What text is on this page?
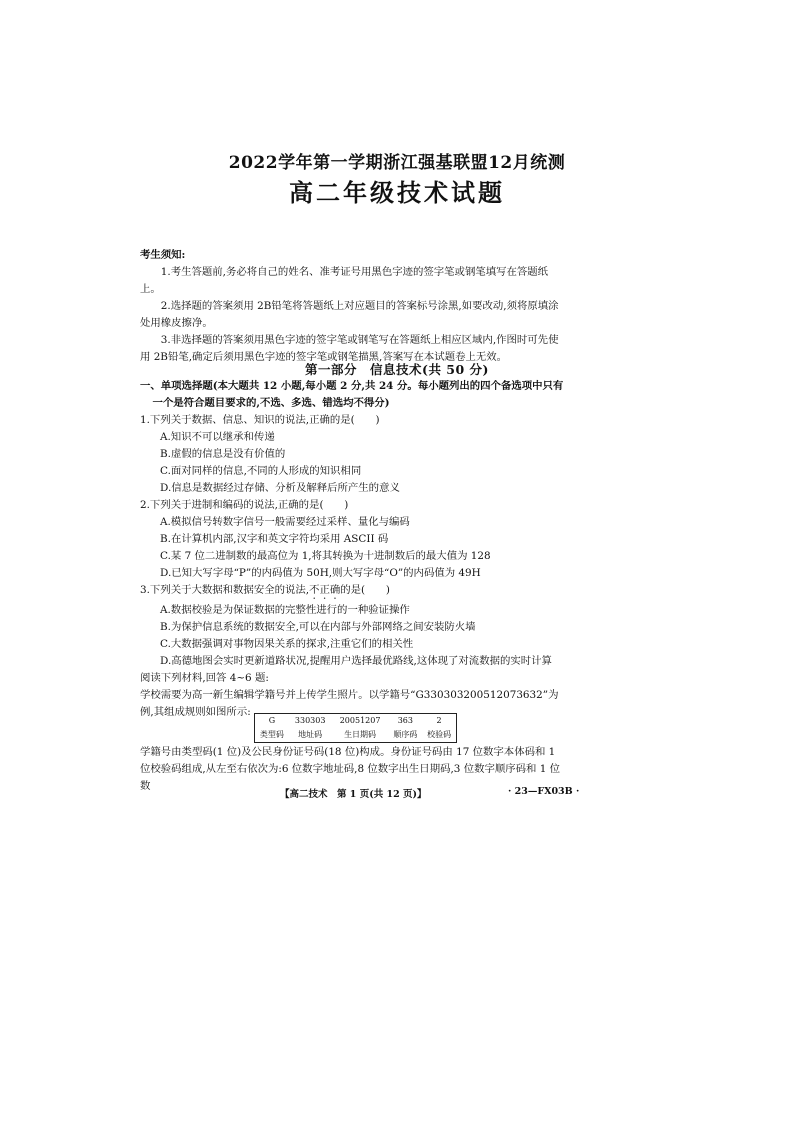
2022学年第一学期浙江强基联盟12月统测
高二年级技术试题
考生须知:
1.考生答题前,务必将自己的姓名、准考证号用黑色字迹的签字笔或钢笔填写在答题纸上。
2.选择题的答案须用 2B铅笔将答题纸上对应题目的答案标号涂黑,如要改动,须将原填涂处用橡皮擦净。
3.非选择题的答案须用黑色字迹的签字笔或钢笔写在答题纸上相应区域内,作图时可先使用 2B铅笔,确定后须用黑色字迹的签字笔或钢笔描黑,答案写在本试题卷上无效。
第一部分　信息技术(共 50 分)
一、单项选择题(本大题共 12 小题,每小题 2 分,共 24 分。每小题列出的四个备选项中只有一个是符合题目要求的,不选、多选、错选均不得分)
1.下列关于数据、信息、知识的说法,正确的是(　　)
A.知识不可以继承和传递
B.虚假的信息是没有价值的
C.面对同样的信息,不同的人形成的知识相同
D.信息是数据经过存储、分析及解释后所产生的意义
2.下列关于进制和编码的说法,正确的是(　　)
A.模拟信号转数字信号一般需要经过采样、量化与编码
B.在计算机内部,汉字和英文字符均采用 ASCII 码
C.某 7 位二进制数的最高位为 1,将其转换为十进制数后的最大值为 128
D.已知大写字母“P”的内码值为 50H,则大写字母“O”的内码值为 49H
3.下列关于大数据和数据安全的说法,不正确的是(　　)
A.数据校验是为保证数据的完整性进行的一种验证操作
B.为保护信息系统的数据安全,可以在内部与外部网络之间安装防火墙
C.大数据强调对事物因果关系的探求,注重它们的相关性
D.高德地图会实时更新道路状况,提醒用户选择最优路线,这体现了对流数据的实时计算
阅读下列材料,回答 4~6 题:
学校需要为高一新生编辑学籍号并上传学生照片。以学籍号“G33030320051207363​2”为例,其组成规则如图所示:
G	330303	20051207	363	2
类型码	地址码	生日期码	顺序码	校验码
学籍号由类型码(1 位)及公民身份证号码(18 位)构成。身份证号码由 17 位数字本体码和 1 位校验码组成,从左至右依次为:6 位数字地址码,8 位数字出生日期码,3 位数字顺序码和 1 位数
【高二技术　第 1 页(共 12 页)】	· 23—FX03B ·
